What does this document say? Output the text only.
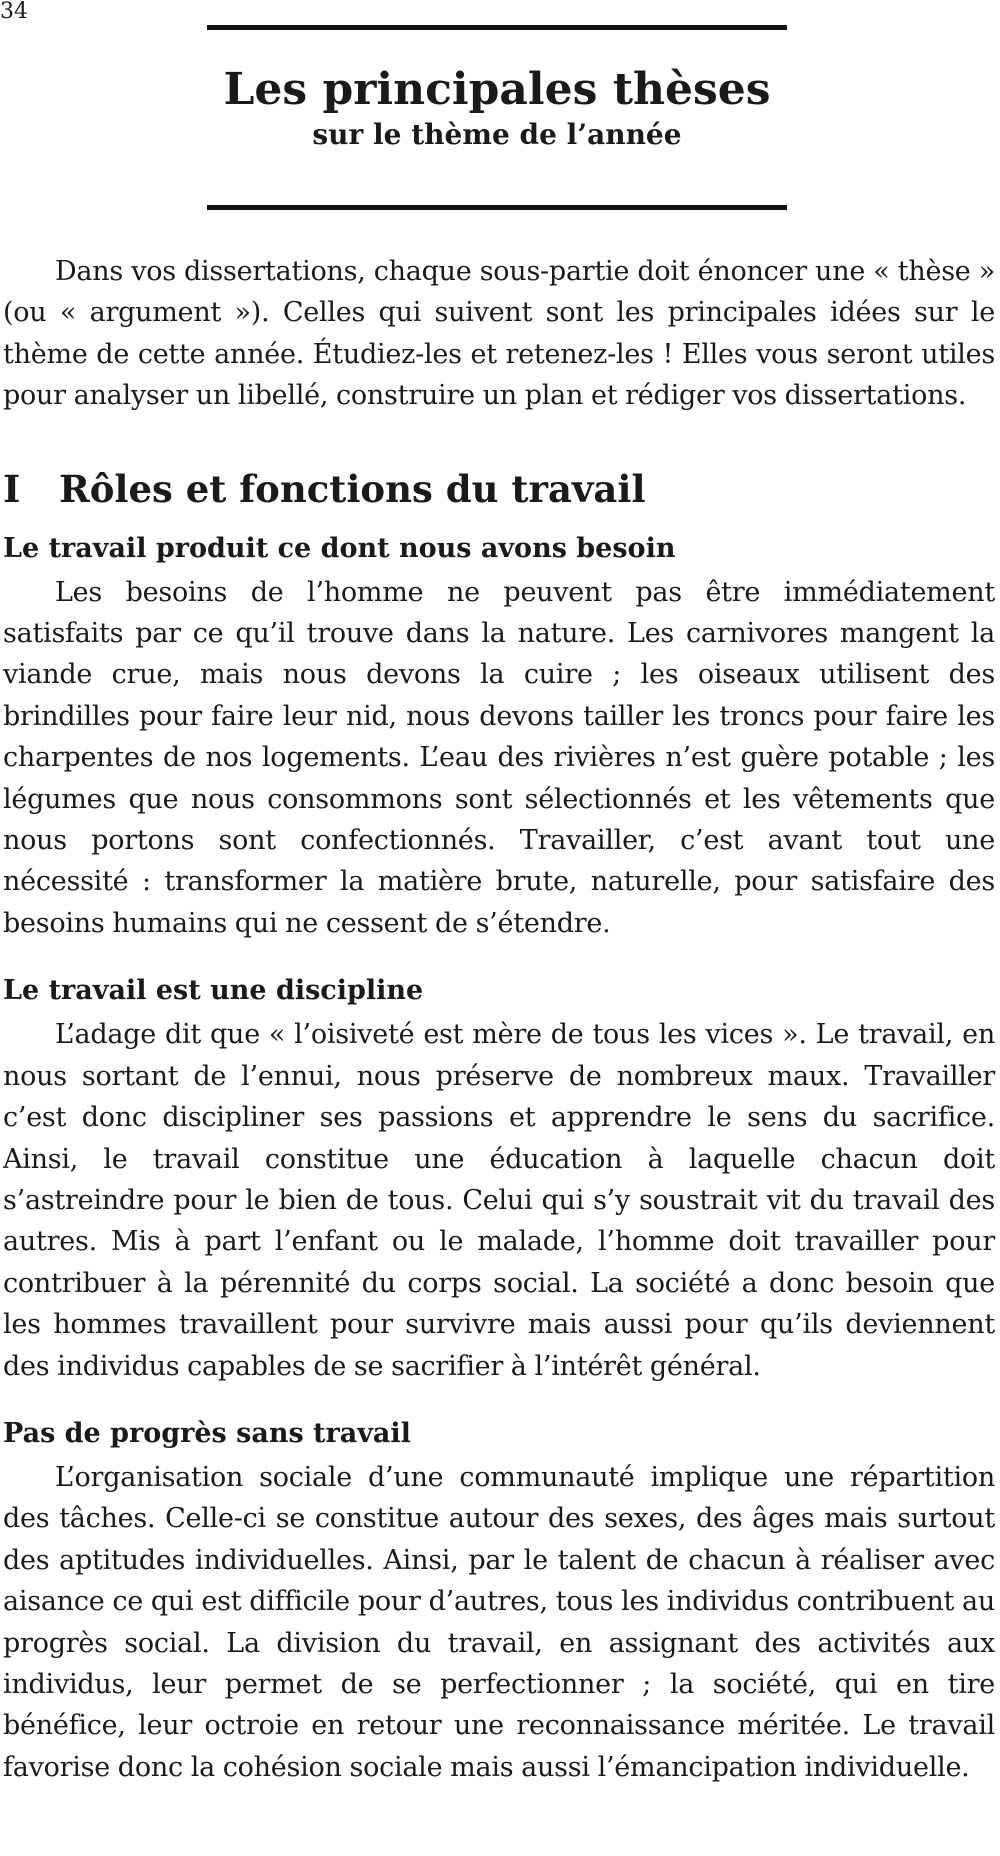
34
Les principales thèses
sur le thème de l’année

Dans vos dissertations, chaque sous-partie doit énoncer une « thèse » (ou « argument »). Celles qui suivent sont les principales idées sur le thème de cette année. Étudiez-les et retenez-les ! Elles vous seront utiles pour analyser un libellé, construire un plan et rédiger vos dissertations.

I	Rôles et fonctions du travail
Le travail produit ce dont nous avons besoin

Les besoins de l’homme ne peuvent pas être immédiatement satisfaits par ce qu’il trouve dans la nature. Les carnivores mangent la viande crue, mais nous devons la cuire ; les oiseaux utilisent des brindilles pour faire leur nid, nous devons tailler les troncs pour faire les charpentes de nos logements. L’eau des rivières n’est guère potable ; les légumes que nous consommons sont sélectionnés et les vêtements que nous portons sont confectionnés. Travailler, c’est avant tout une nécessité : transformer la matière brute, naturelle, pour satisfaire des besoins humains qui ne cessent de s’étendre.

Le travail est une discipline

L’adage dit que « l’oisiveté est mère de tous les vices ». Le travail, en nous sortant de l’ennui, nous préserve de nombreux maux. Travailler c’est donc discipliner ses passions et apprendre le sens du sacrifice. Ainsi, le travail constitue une éducation à laquelle chacun doit s’astreindre pour le bien de tous. Celui qui s’y soustrait vit du travail des autres. Mis à part l’enfant ou le malade, l’homme doit travailler pour contribuer à la pérennité du corps social. La société a donc besoin que les hommes travaillent pour survivre mais aussi pour qu’ils deviennent des individus capables de se sacrifier à l’intérêt général.

Pas de progrès sans travail

L’organisation sociale d’une communauté implique une répartition des tâches. Celle-ci se constitue autour des sexes, des âges mais surtout des aptitudes individuelles. Ainsi, par le talent de chacun à réaliser avec aisance ce qui est difficile pour d’autres, tous les individus contribuent au progrès social. La division du travail, en assignant des activités aux individus, leur permet de se perfectionner ; la société, qui en tire bénéfice, leur octroie en retour une reconnaissance méritée. Le travail favorise donc la cohésion sociale mais aussi l’émancipation individuelle.
